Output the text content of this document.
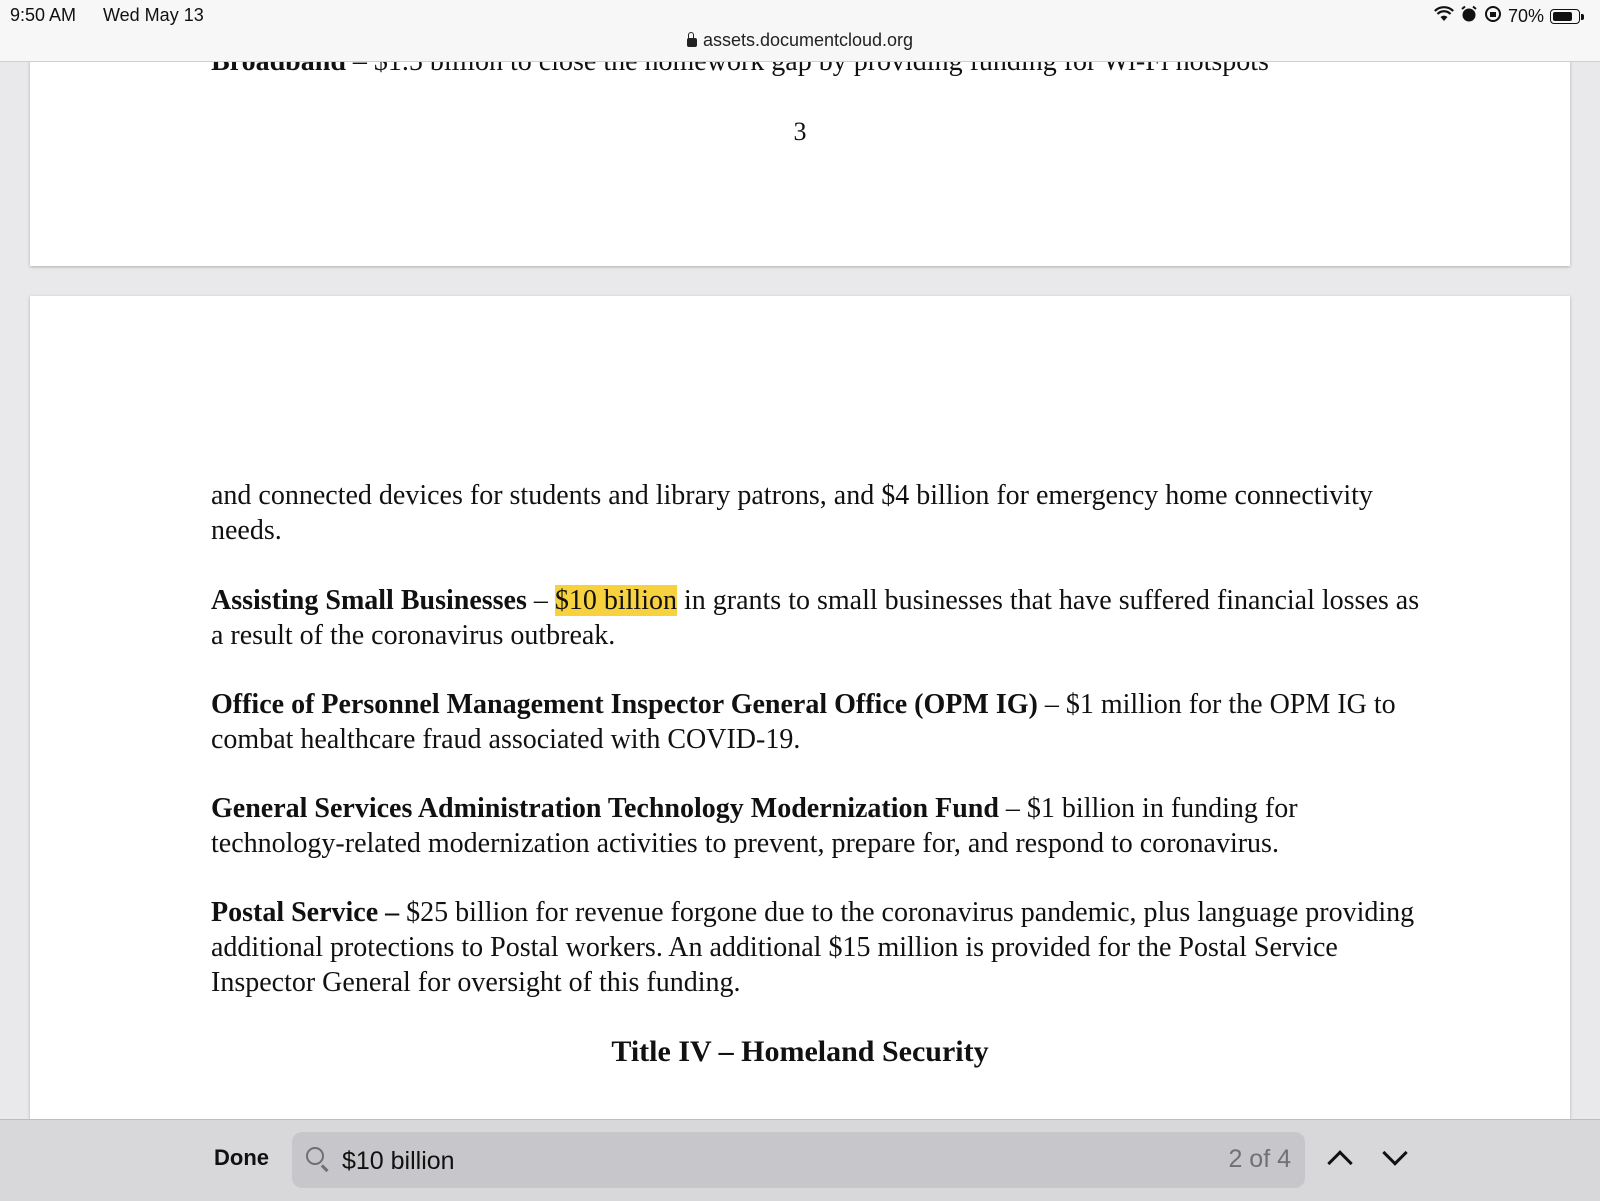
9:50 AM Wed May 13	70%
assets.documentcloud.org
3

and connected devices for students and library patrons, and $4 billion for emergency home connectivity needs.

Assisting Small Businesses – $10 billion in grants to small businesses that have suffered financial losses as a result of the coronavirus outbreak.

Office of Personnel Management Inspector General Office (OPM IG) – $1 million for the OPM IG to combat healthcare fraud associated with COVID-19.

General Services Administration Technology Modernization Fund – $1 billion in funding for technology-related modernization activities to prevent, prepare for, and respond to coronavirus.

Postal Service – $25 billion for revenue forgone due to the coronavirus pandemic, plus language providing additional protections to Postal workers. An additional $15 million is provided for the Postal Service Inspector General for oversight of this funding.

Title IV – Homeland Security
Done
$10 billion	2 of 4
